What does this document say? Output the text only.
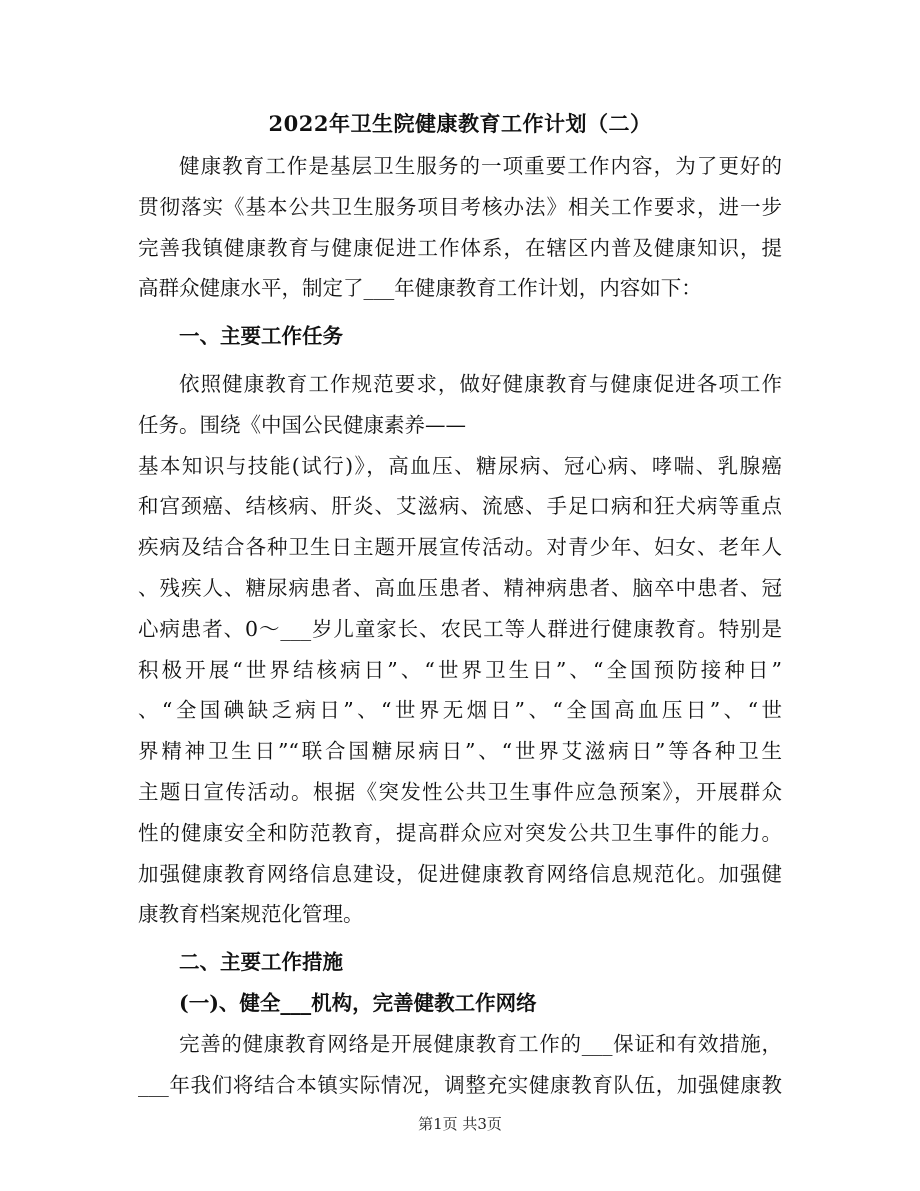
2022年卫生院健康教育工作计划（二）
健康教育工作是基层卫生服务的一项重要工作内容，为了更好的
贯彻落实《基本公共卫生服务项目考核办法》相关工作要求，进一步
完善我镇健康教育与健康促进工作体系，在辖区内普及健康知识，提
高群众健康水平，制定了___年健康教育工作计划，内容如下：
一、主要工作任务
依照健康教育工作规范要求，做好健康教育与健康促进各项工作
任务。围绕《中国公民健康素养——
基本知识与技能(试行)》，高血压、糖尿病、冠心病、哮喘、乳腺癌
和宫颈癌、结核病、肝炎、艾滋病、流感、手足口病和狂犬病等重点
疾病及结合各种卫生日主题开展宣传活动。对青少年、妇女、老年人
、残疾人、糖尿病患者、高血压患者、精神病患者、脑卒中患者、冠
心病患者、0～___岁儿童家长、农民工等人群进行健康教育。特别是
积极开展“世界结核病日”、“世界卫生日”、“全国预防接种日”
、“全国碘缺乏病日”、“世界无烟日”、“全国高血压日”、“世
界精神卫生日”“联合国糖尿病日”、“世界艾滋病日”等各种卫生
主题日宣传活动。根据《突发性公共卫生事件应急预案》，开展群众
性的健康安全和防范教育，提高群众应对突发公共卫生事件的能力。
加强健康教育网络信息建设，促进健康教育网络信息规范化。加强健
康教育档案规范化管理。
二、主要工作措施
(一)、健全___机构，完善健教工作网络
完善的健康教育网络是开展健康教育工作的___保证和有效措施，
___年我们将结合本镇实际情况，调整充实健康教育队伍，加强健康教
第1页 共3页
